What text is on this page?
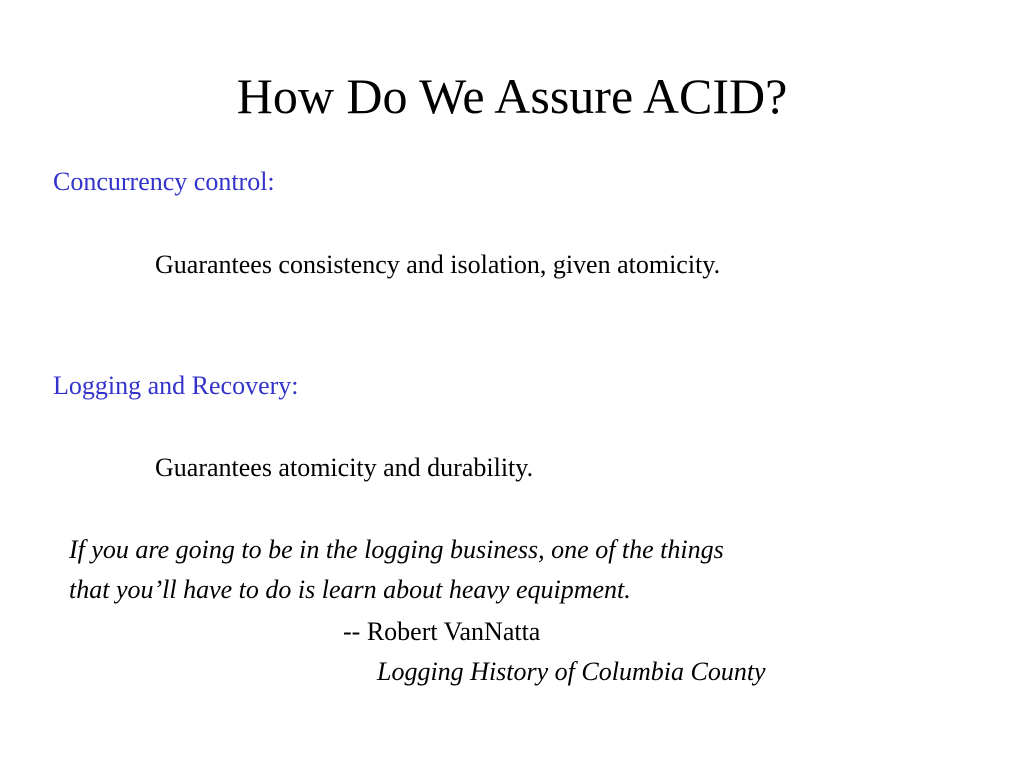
How Do We Assure ACID?
Concurrency control:
Guarantees consistency and isolation, given atomicity.
Logging and Recovery:
Guarantees atomicity and durability.
If you are going to be in the logging business, one of the things
that you’ll have to do is learn about heavy equipment.
-- Robert VanNatta
Logging History of Columbia County
